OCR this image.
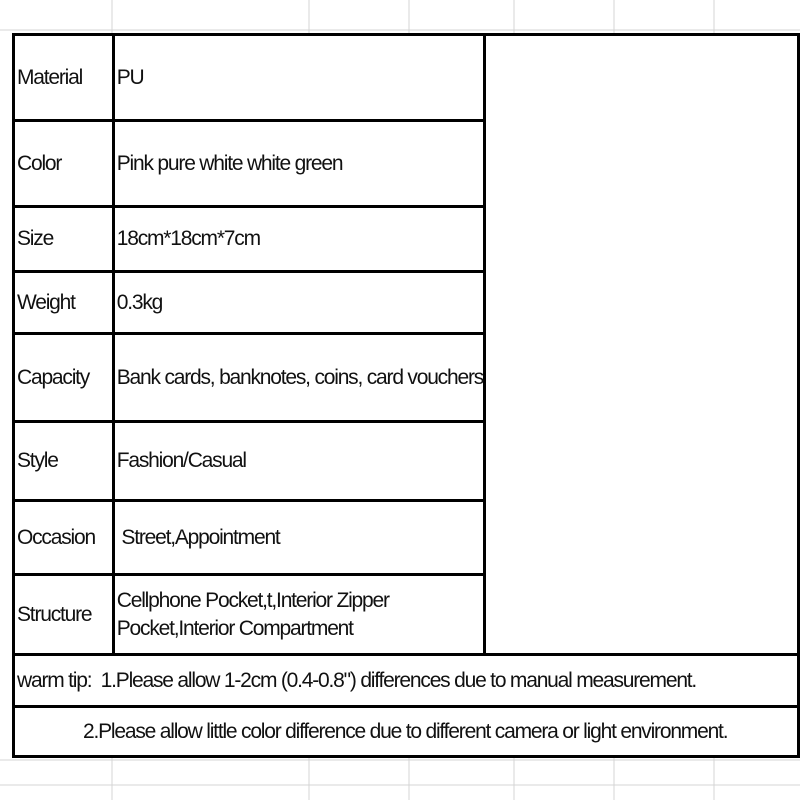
Material	PU	
Color	Pink pure white white green	
Size	18cm*18cm*7cm	
Weight	0.3kg	
Capacity	Bank cards, banknotes, coins, card vouchers	
Style	Fashion/Casual	
Occasion	Street,Appointment	
Structure	Cellphone Pocket,t,Interior Zipper
Pocket,Interior Compartment	

warm tip:  1.Please allow 1-2cm (0.4-0.8") differences due to manual measurement.		
2.Please allow little color difference due to different camera or light environment.		
